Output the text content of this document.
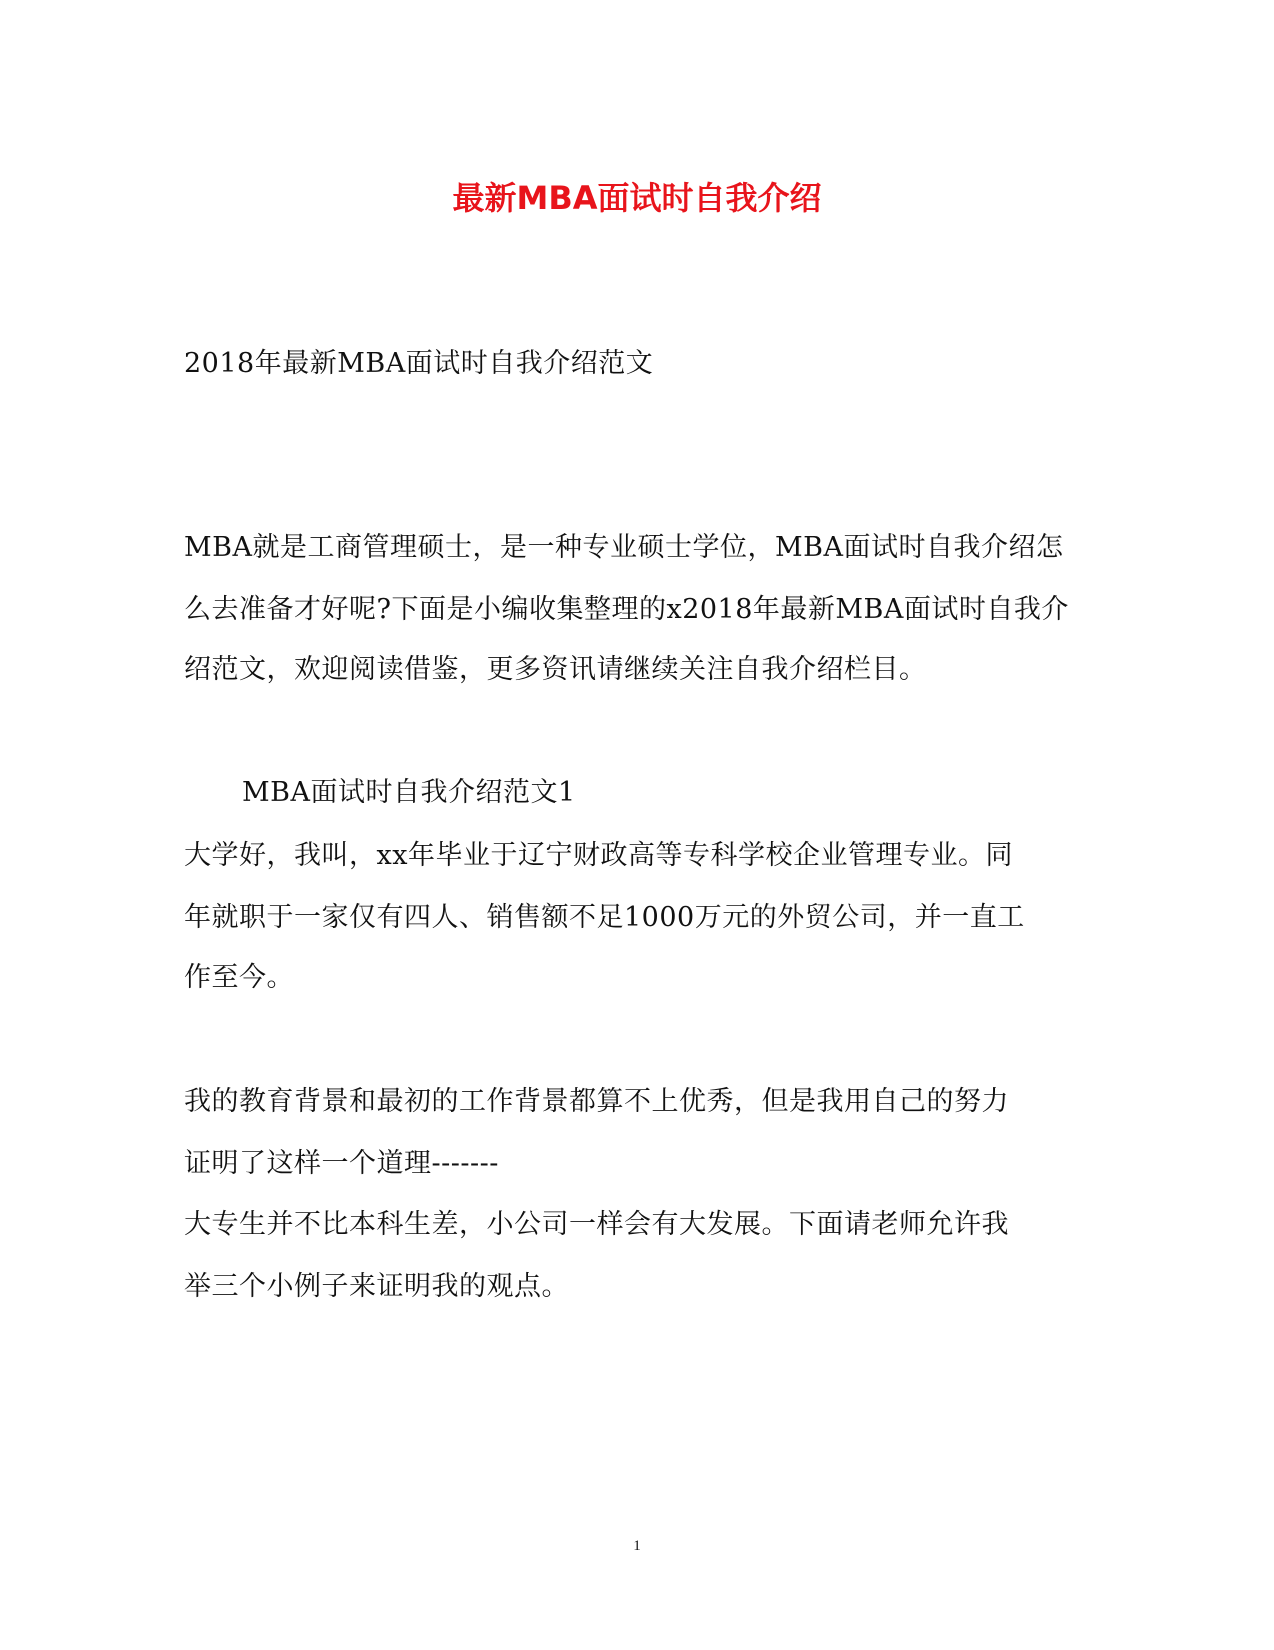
最新MBA面试时自我介绍
2018年最新MBA面试时自我介绍范文
MBA就是工商管理硕士，是一种专业硕士学位，MBA面试时自我介绍怎
么去准备才好呢?下面是小编收集整理的x2018年最新MBA面试时自我介
绍范文，欢迎阅读借鉴，更多资讯请继续关注自我介绍栏目。
MBA面试时自我介绍范文1
大学好，我叫，xx年毕业于辽宁财政高等专科学校企业管理专业。同
年就职于一家仅有四人、销售额不足1000万元的外贸公司，并一直工
作至今。
我的教育背景和最初的工作背景都算不上优秀，但是我用自己的努力
证明了这样一个道理-------
大专生并不比本科生差，小公司一样会有大发展。下面请老师允许我
举三个小例子来证明我的观点。
1
